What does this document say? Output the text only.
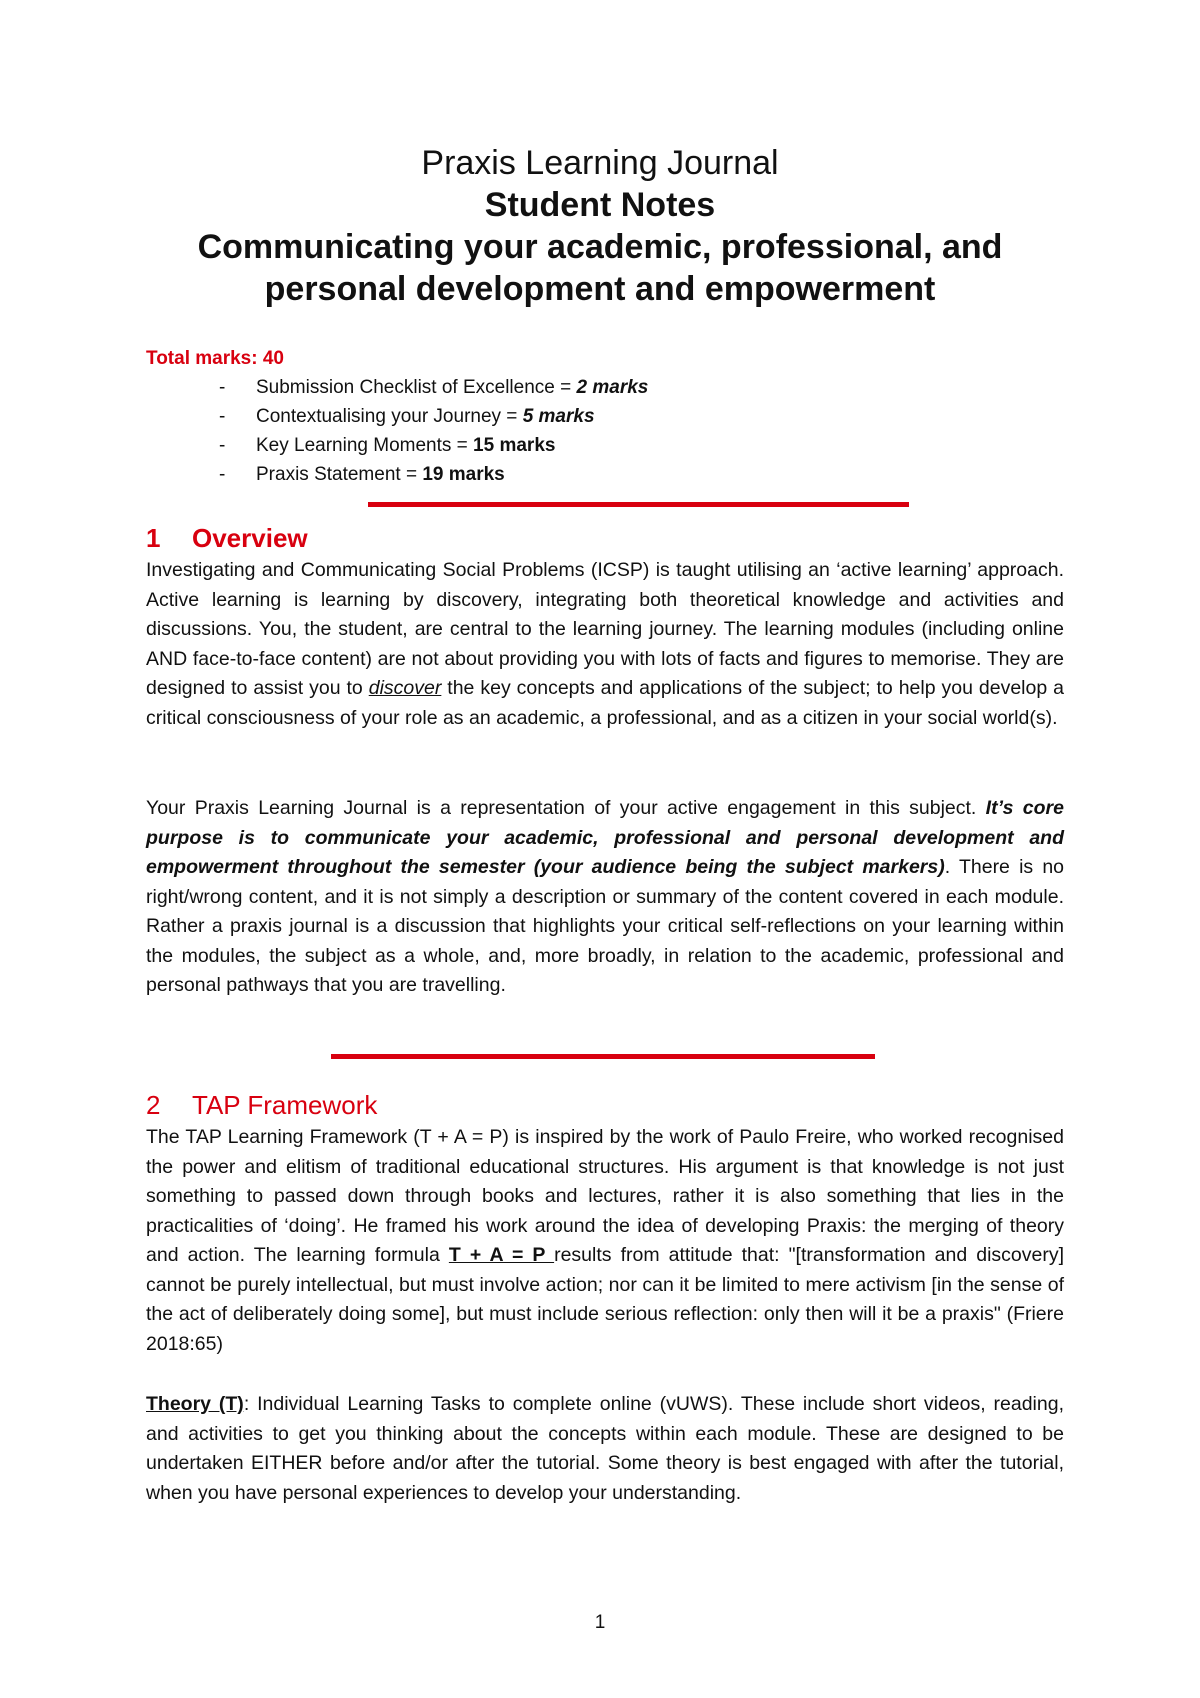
Praxis Learning Journal
Student Notes
Communicating your academic, professional, and
personal development and empowerment
Total marks: 40
- Submission Checklist of Excellence = 2 marks
- Contextualising your Journey = 5 marks
- Key Learning Moments = 15 marks
- Praxis Statement = 19 marks
1 Overview
Investigating and Communicating Social Problems (ICSP) is taught utilising an ‘active learning’ approach. Active learning is learning by discovery, integrating both theoretical knowledge and activities and discussions. You, the student, are central to the learning journey. The learning modules (including online AND face-to-face content) are not about providing you with lots of facts and figures to memorise. They are designed to assist you to discover the key concepts and applications of the subject; to help you develop a critical consciousness of your role as an academic, a professional, and as a citizen in your social world(s).
Your Praxis Learning Journal is a representation of your active engagement in this subject. It’s core purpose is to communicate your academic, professional and personal development and empowerment throughout the semester (your audience being the subject markers). There is no right/wrong content, and it is not simply a description or summary of the content covered in each module. Rather a praxis journal is a discussion that highlights your critical self-reflections on your learning within the modules, the subject as a whole, and, more broadly, in relation to the academic, professional and personal pathways that you are travelling.
2 TAP Framework
The TAP Learning Framework (T + A = P) is inspired by the work of Paulo Freire, who worked recognised the power and elitism of traditional educational structures. His argument is that knowledge is not just something to passed down through books and lectures, rather it is also something that lies in the practicalities of ‘doing’. He framed his work around the idea of developing Praxis: the merging of theory and action. The learning formula T + A = P results from attitude that: "[transformation and discovery] cannot be purely intellectual, but must involve action; nor can it be limited to mere activism [in the sense of the act of deliberately doing some], but must include serious reflection: only then will it be a praxis" (Friere 2018:65)
Theory (T): Individual Learning Tasks to complete online (vUWS). These include short videos, reading, and activities to get you thinking about the concepts within each module. These are designed to be undertaken EITHER before and/or after the tutorial. Some theory is best engaged with after the tutorial, when you have personal experiences to develop your understanding.
1
